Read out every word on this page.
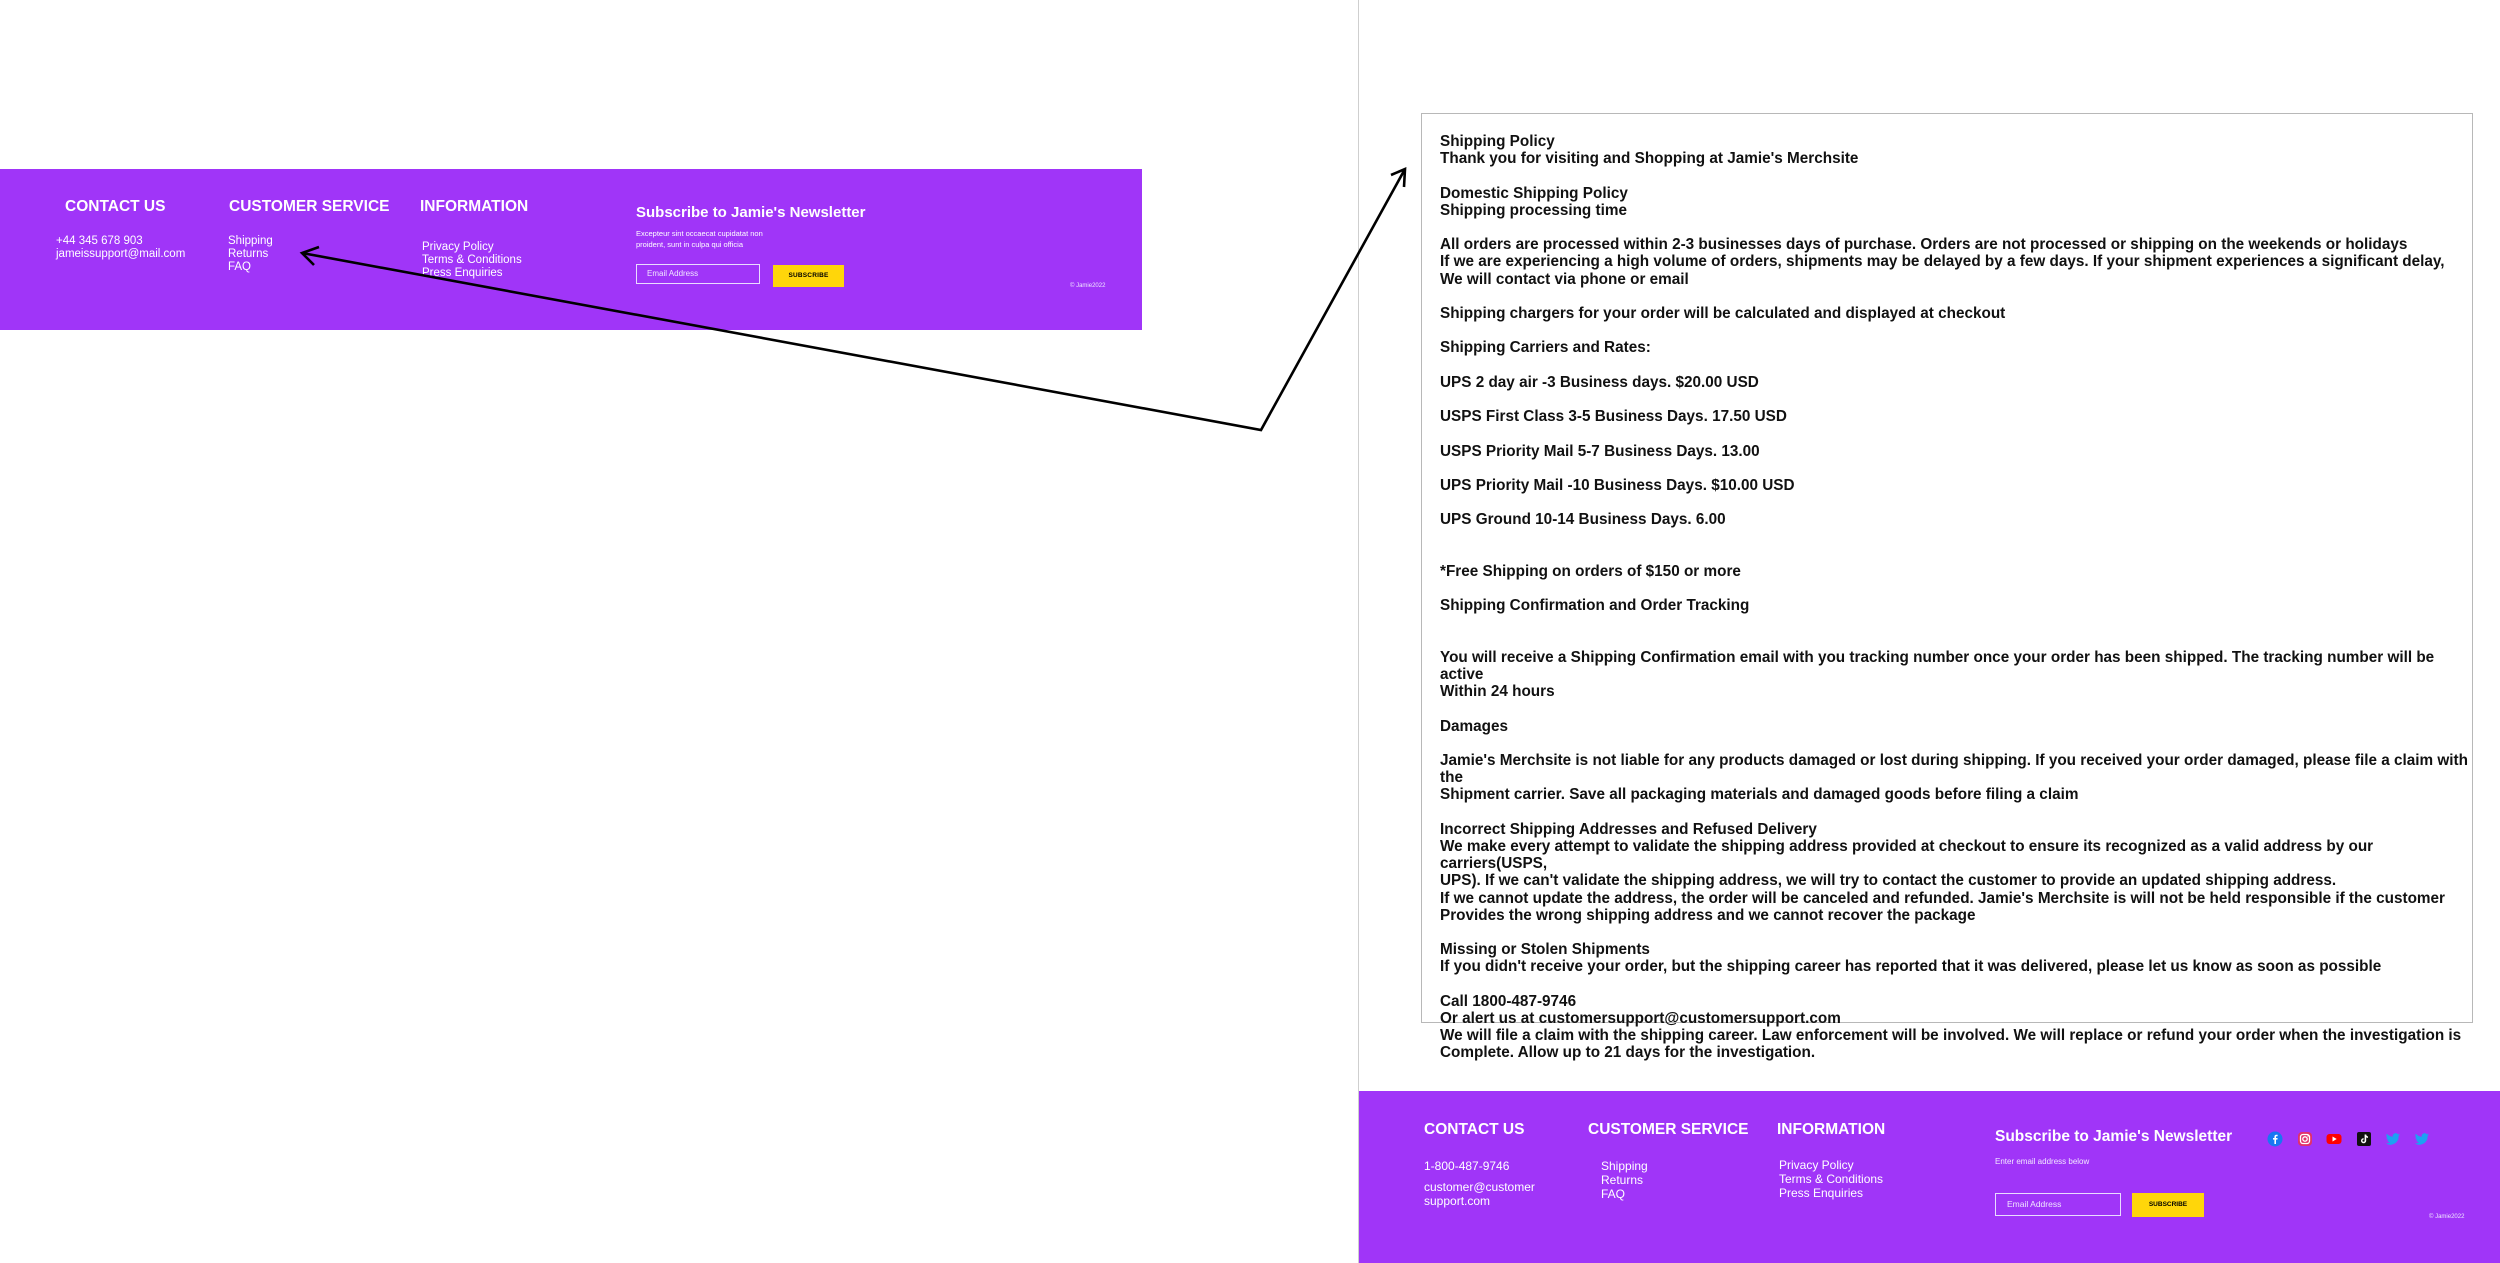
CONTACT US
+44 345 678 903
jameissupport@mail.com
CUSTOMER SERVICE
Shipping
Returns
FAQ
INFORMATION
Privacy Policy
Terms & Conditions
Press Enquiries
Subscribe to Jamie's Newsletter
Excepteur sint occaecat cupidatat non
proident, sunt in culpa qui officia
Email Address	SUBSCRIBE
© Jamie2022

Shipping Policy

Thank you for visiting and Shopping at Jamie's Merchsite

Domestic Shipping Policy

Shipping processing time

All orders are processed within 2-3 businesses days of purchase. Orders are not processed or shipping on the weekends or holidays

If we are experiencing a high volume of orders, shipments may be delayed by a few days. If your shipment experiences a significant delay,

We will contact via phone or email

Shipping chargers for your order will be calculated and displayed at checkout

Shipping Carriers and Rates:

UPS 2 day air -3 Business days. $20.00 USD

USPS First Class 3-5 Business Days. 17.50 USD

USPS Priority Mail 5-7 Business Days. 13.00

UPS Priority Mail -10 Business Days. $10.00 USD

UPS Ground 10-14 Business Days. 6.00

*Free Shipping on orders of $150 or more

Shipping Confirmation and Order Tracking

You will receive a Shipping Confirmation email with you tracking number once your order has been shipped. The tracking number will be active

Within 24 hours

Damages

Jamie's Merchsite is not liable for any products damaged or lost during shipping. If you received your order damaged, please file a claim with the

Shipment carrier. Save all packaging materials and damaged goods before filing a claim

Incorrect Shipping Addresses and Refused Delivery

We make every attempt to validate the shipping address provided at checkout to ensure its recognized as a valid address by our carriers(USPS,

UPS). If we can't validate the shipping address, we will try to contact the customer to provide an updated shipping address.

If we cannot update the address, the order will be canceled and refunded. Jamie's Merchsite is will not be held responsible if the customer

Provides the wrong shipping address and we cannot recover the package

Missing or Stolen Shipments

If you didn't receive your order, but the shipping career has reported that it was delivered, please let us know as soon as possible

Call 1800-487-9746

Or alert us at customersupport@customersupport.com

We will file a claim with the shipping career. Law enforcement will be involved. We will replace or refund your order when the investigation is

Complete. Allow up to 21 days for the investigation.

CONTACT US
1-800-487-9746
customer@customer
support.com
CUSTOMER SERVICE
Shipping
Returns
FAQ
INFORMATION
Privacy Policy
Terms & Conditions
Press Enquiries
Subscribe to Jamie's Newsletter
Enter email address below
Email Address	SUBSCRIBE
© Jamie2022
